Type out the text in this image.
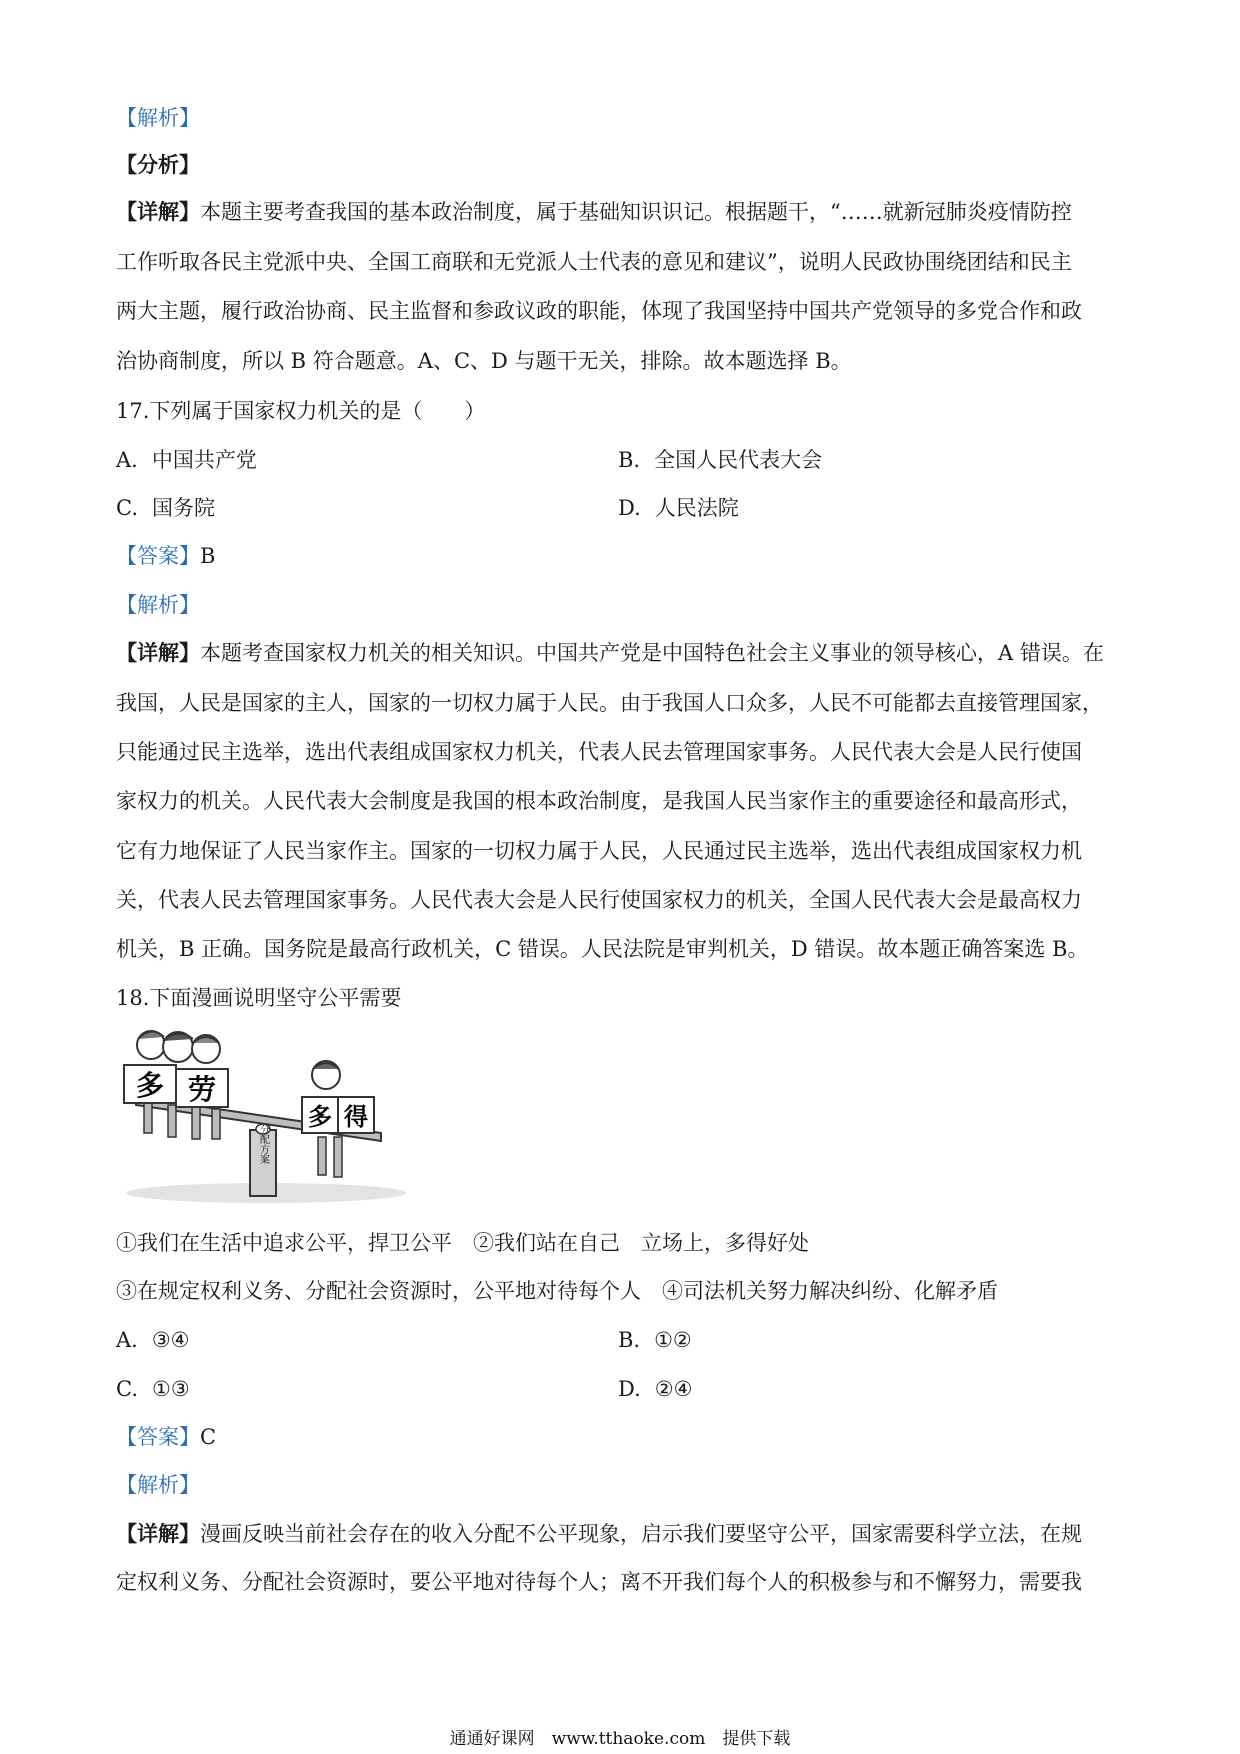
【解析】
【分析】
【详解】本题主要考查我国的基本政治制度，属于基础知识识记。根据题干，“……就新冠肺炎疫情防控
工作听取各民主党派中央、全国工商联和无党派人士代表的意见和建议”，说明人民政协围绕团结和民主
两大主题，履行政治协商、民主监督和参政议政的职能，体现了我国坚持中国共产党领导的多党合作和政
治协商制度，所以 B 符合题意。A、C、D 与题干无关，排除。故本题选择 B。
17.下列属于国家权力机关的是（　　）
A. 中国共产党	B. 全国人民代表大会
C. 国务院	D. 人民法院
【答案】B
【解析】
【详解】本题考查国家权力机关的相关知识。中国共产党是中国特色社会主义事业的领导核心，A 错误。在
我国，人民是国家的主人，国家的一切权力属于人民。由于我国人口众多，人民不可能都去直接管理国家，
只能通过民主选举，选出代表组成国家权力机关，代表人民去管理国家事务。人民代表大会是人民行使国
家权力的机关。人民代表大会制度是我国的根本政治制度，是我国人民当家作主的重要途径和最高形式，
它有力地保证了人民当家作主。国家的一切权力属于人民，人民通过民主选举，选出代表组成国家权力机
关，代表人民去管理国家事务。人民代表大会是人民行使国家权力的机关，全国人民代表大会是最高权力
机关，B 正确。国务院是最高行政机关，C 错误。人民法院是审判机关，D 错误。故本题正确答案选 B。
18.下面漫画说明坚守公平需要
分配方案
多 劳
多 得
①我们在生活中追求公平，捍卫公平　②我们站在自己　立场上，多得好处
③在规定权利义务、分配社会资源时，公平地对待每个人　④司法机关努力解决纠纷、化解矛盾
A. ③④	B. ①②
C. ①③	D. ②④
【答案】C
【解析】
【详解】漫画反映当前社会存在的收入分配不公平现象，启示我们要坚守公平，国家需要科学立法，在规
定权利义务、分配社会资源时，要公平地对待每个人；离不开我们每个人的积极参与和不懈努力，需要我
通通好课网　www.tthaoke.com　提供下载
